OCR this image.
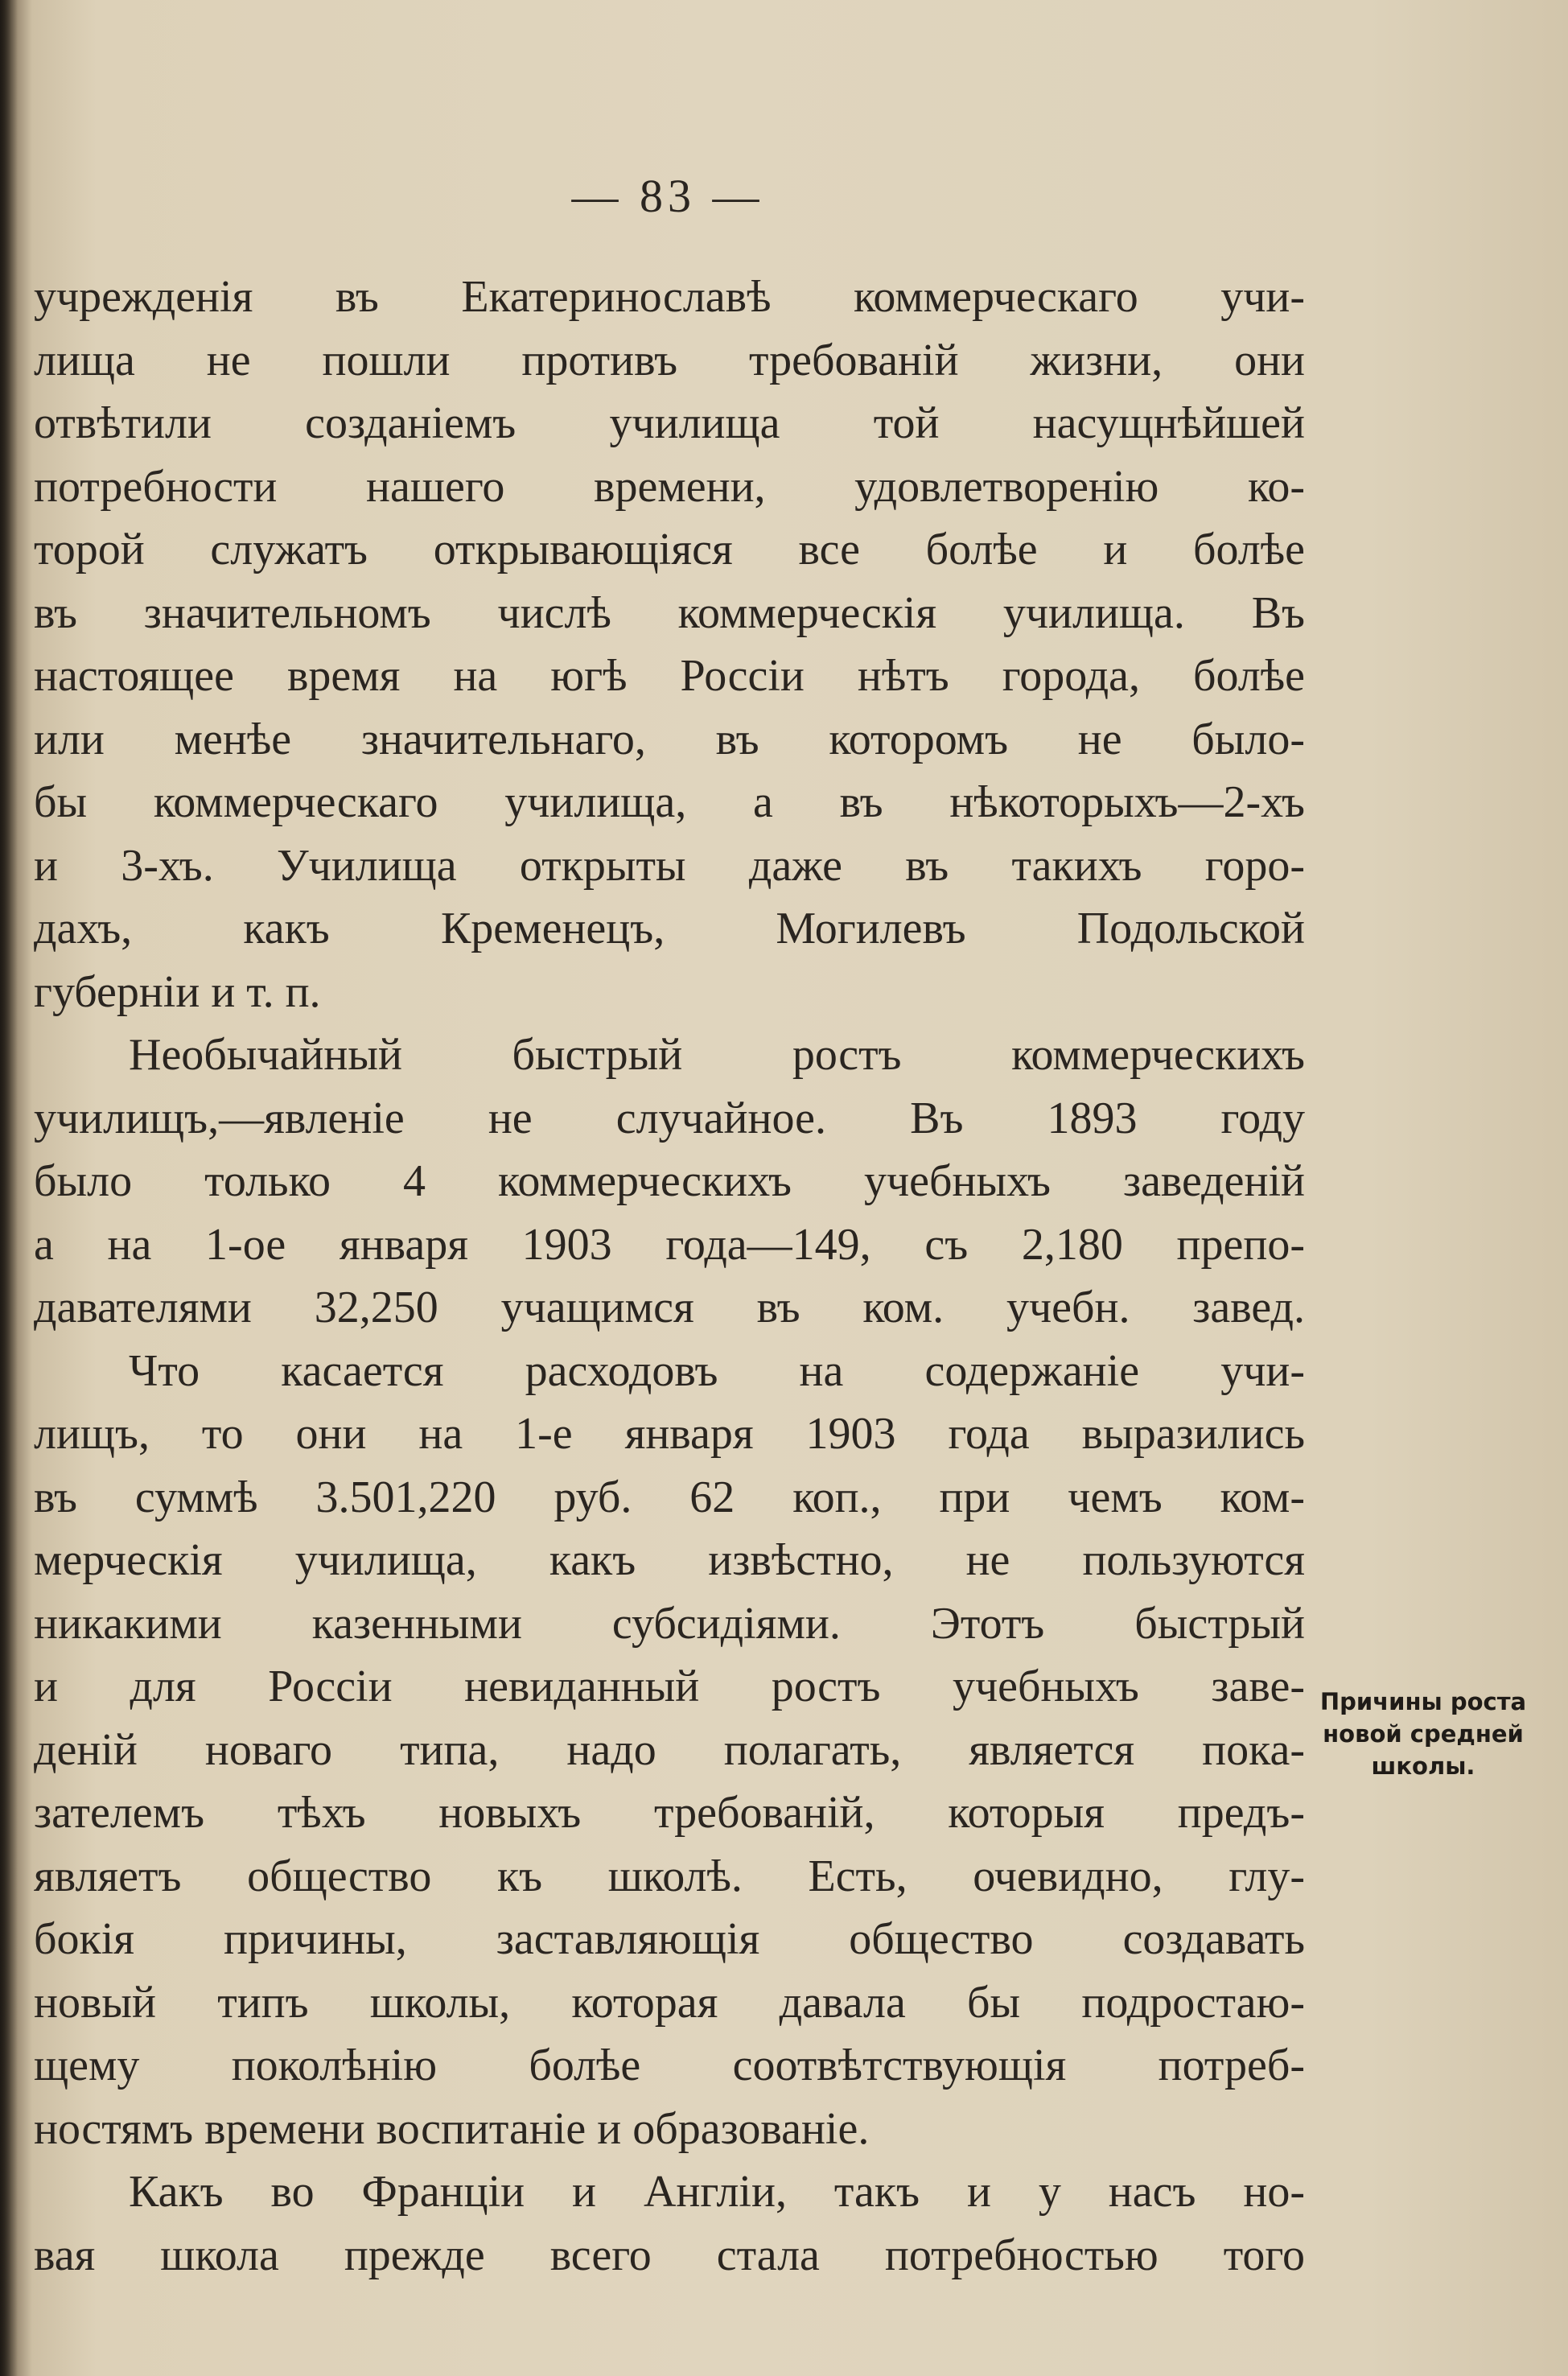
— 83 —
учрежденія въ Екатеринославѣ коммерческаго учи-
лища не пошли противъ требованій жизни, они
отвѣтили созданіемъ училища той насущнѣйшей
потребности нашего времени, удовлетворенію ко-
торой служатъ открывающіяся все болѣе и болѣе
въ значительномъ числѣ коммерческія училища. Въ
настоящее время на югѣ Россіи нѣтъ города, болѣе
или менѣе значительнаго, въ которомъ не было-
бы коммерческаго училища, а въ нѣкоторыхъ—2-хъ
и 3-хъ. Училища открыты даже въ такихъ горо-
дахъ, какъ Кременецъ, Могилевъ Подольской
губерніи и т. п.
Необычайный быстрый ростъ коммерческихъ
училищъ,—явленіе не случайное. Въ 1893 году
было только 4 коммерческихъ учебныхъ заведеній
а на 1-ое января 1903 года—149, съ 2,180 препо-
давателями 32,250 учащимся въ ком. учебн. завед.
Что касается расходовъ на содержаніе учи-
лищъ, то они на 1-е января 1903 года выразились
въ суммѣ 3.501,220 руб. 62 коп., при чемъ ком-
мерческія училища, какъ извѣстно, не пользуются
никакими казенными субсидіями. Этотъ быстрый
и для Россіи невиданный ростъ учебныхъ заве-
деній новаго типа, надо полагать, является пока-
зателемъ тѣхъ новыхъ требованій, которыя предъ-
являетъ общество къ школѣ. Есть, очевидно, глу-
бокія причины, заставляющія общество создавать
новый типъ школы, которая давала бы подростаю-
щему поколѣнію болѣе соотвѣтствующія потреб-
ностямъ времени воспитаніе и образованіе.
Какъ во Франціи и Англіи, такъ и у насъ но-
вая школа прежде всего стала потребностью того
Причины роста
новой средней
школы.
